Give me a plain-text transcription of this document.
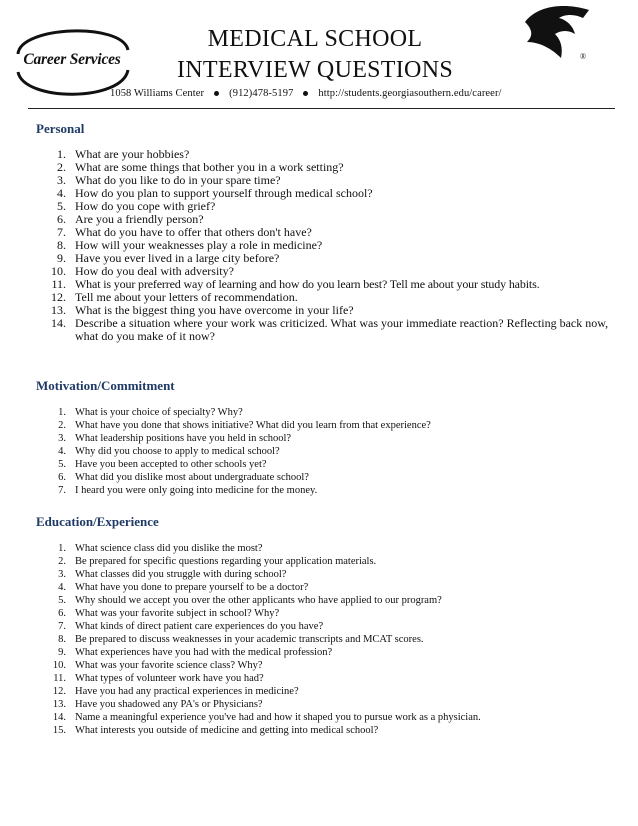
Career Services
MEDICAL SCHOOL
INTERVIEW QUESTIONS
®
1058 Williams Center (912)478-5197 http://students.georgiasouthern.edu/career/
Personal
1. What are your hobbies?
2. What are some things that bother you in a work setting?
3. What do you like to do in your spare time?
4. How do you plan to support yourself through medical school?
5. How do you cope with grief?
6. Are you a friendly person?
7. What do you have to offer that others don't have?
8. How will your weaknesses play a role in medicine?
9. Have you ever lived in a large city before?
10. How do you deal with adversity?
11. What is your preferred way of learning and how do you learn best? Tell me about your study habits.
12. Tell me about your letters of recommendation.
13. What is the biggest thing you have overcome in your life?
14. Describe a situation where your work was criticized. What was your immediate reaction? Reflecting back now, what do you make of it now?
Motivation/Commitment
1. What is your choice of specialty? Why?
2. What have you done that shows initiative? What did you learn from that experience?
3. What leadership positions have you held in school?
4. Why did you choose to apply to medical school?
5. Have you been accepted to other schools yet?
6. What did you dislike most about undergraduate school?
7. I heard you were only going into medicine for the money.
Education/Experience
1. What science class did you dislike the most?
2. Be prepared for specific questions regarding your application materials.
3. What classes did you struggle with during school?
4. What have you done to prepare yourself to be a doctor?
5. Why should we accept you over the other applicants who have applied to our program?
6. What was your favorite subject in school? Why?
7. What kinds of direct patient care experiences do you have?
8. Be prepared to discuss weaknesses in your academic transcripts and MCAT scores.
9. What experiences have you had with the medical profession?
10. What was your favorite science class? Why?
11. What types of volunteer work have you had?
12. Have you had any practical experiences in medicine?
13. Have you shadowed any PA's or Physicians?
14. Name a meaningful experience you've had and how it shaped you to pursue work as a physician.
15. What interests you outside of medicine and getting into medical school?
